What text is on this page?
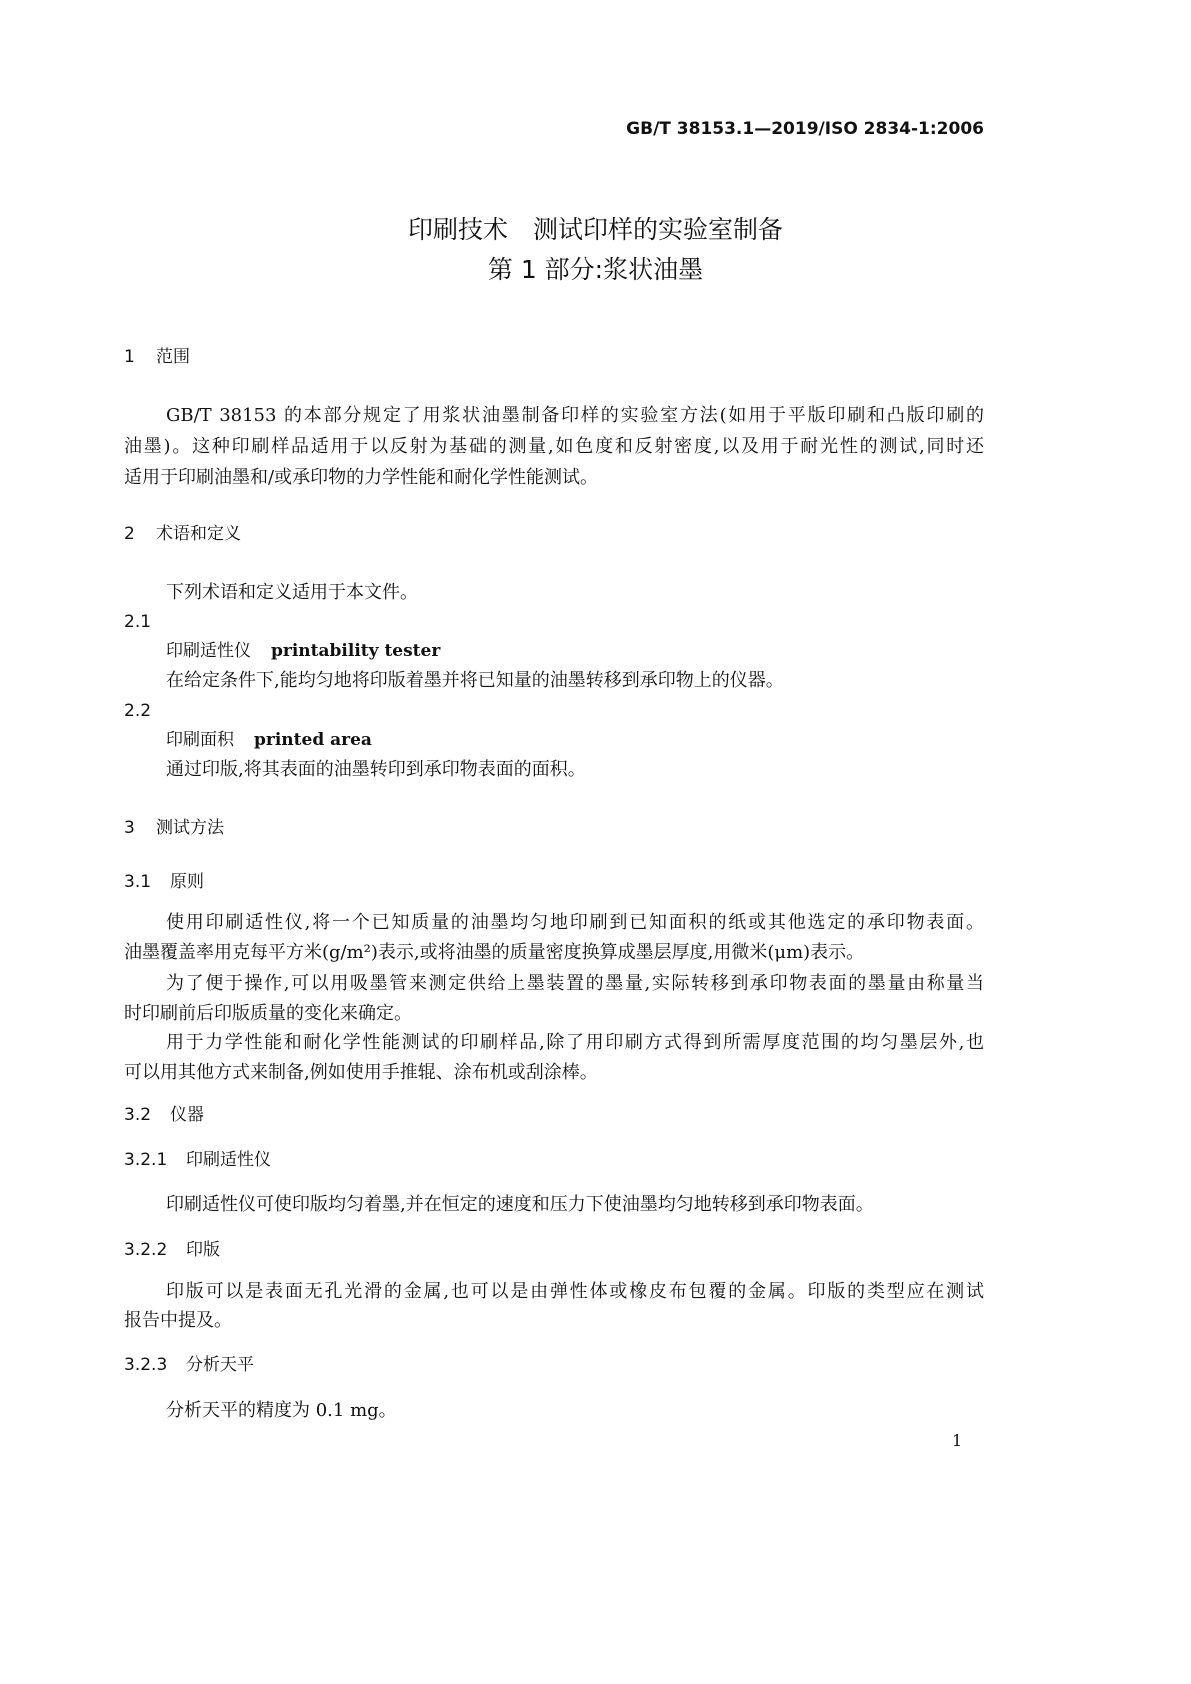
GB/T 38153.1—2019/ISO 2834-1:2006
印刷技术　测试印样的实验室制备
第 1 部分:浆状油墨
1 范围
GB/T 38153 的本部分规定了用浆状油墨制备印样的实验室方法(如用于平版印刷和凸版印刷的
油墨)。这种印刷样品适用于以反射为基础的测量,如色度和反射密度,以及用于耐光性的测试,同时还
适用于印刷油墨和/或承印物的力学性能和耐化学性能测试。
2 术语和定义
下列术语和定义适用于本文件。
2.1
印刷适性仪 printability tester
在给定条件下,能均匀地将印版着墨并将已知量的油墨转移到承印物上的仪器。
2.2
印刷面积 printed area
通过印版,将其表面的油墨转印到承印物表面的面积。
3 测试方法
3.1 原则
使用印刷适性仪,将一个已知质量的油墨均匀地印刷到已知面积的纸或其他选定的承印物表面。
油墨覆盖率用克每平方米(g/m²)表示,或将油墨的质量密度换算成墨层厚度,用微米(μm)表示。
为了便于操作,可以用吸墨管来测定供给上墨装置的墨量,实际转移到承印物表面的墨量由称量当
时印刷前后印版质量的变化来确定。
用于力学性能和耐化学性能测试的印刷样品,除了用印刷方式得到所需厚度范围的均匀墨层外,也
可以用其他方式来制备,例如使用手推辊、涂布机或刮涂棒。
3.2 仪器
3.2.1 印刷适性仪
印刷适性仪可使印版均匀着墨,并在恒定的速度和压力下使油墨均匀地转移到承印物表面。
3.2.2 印版
印版可以是表面无孔光滑的金属,也可以是由弹性体或橡皮布包覆的金属。印版的类型应在测试
报告中提及。
3.2.3 分析天平
分析天平的精度为 0.1 mg。
1
